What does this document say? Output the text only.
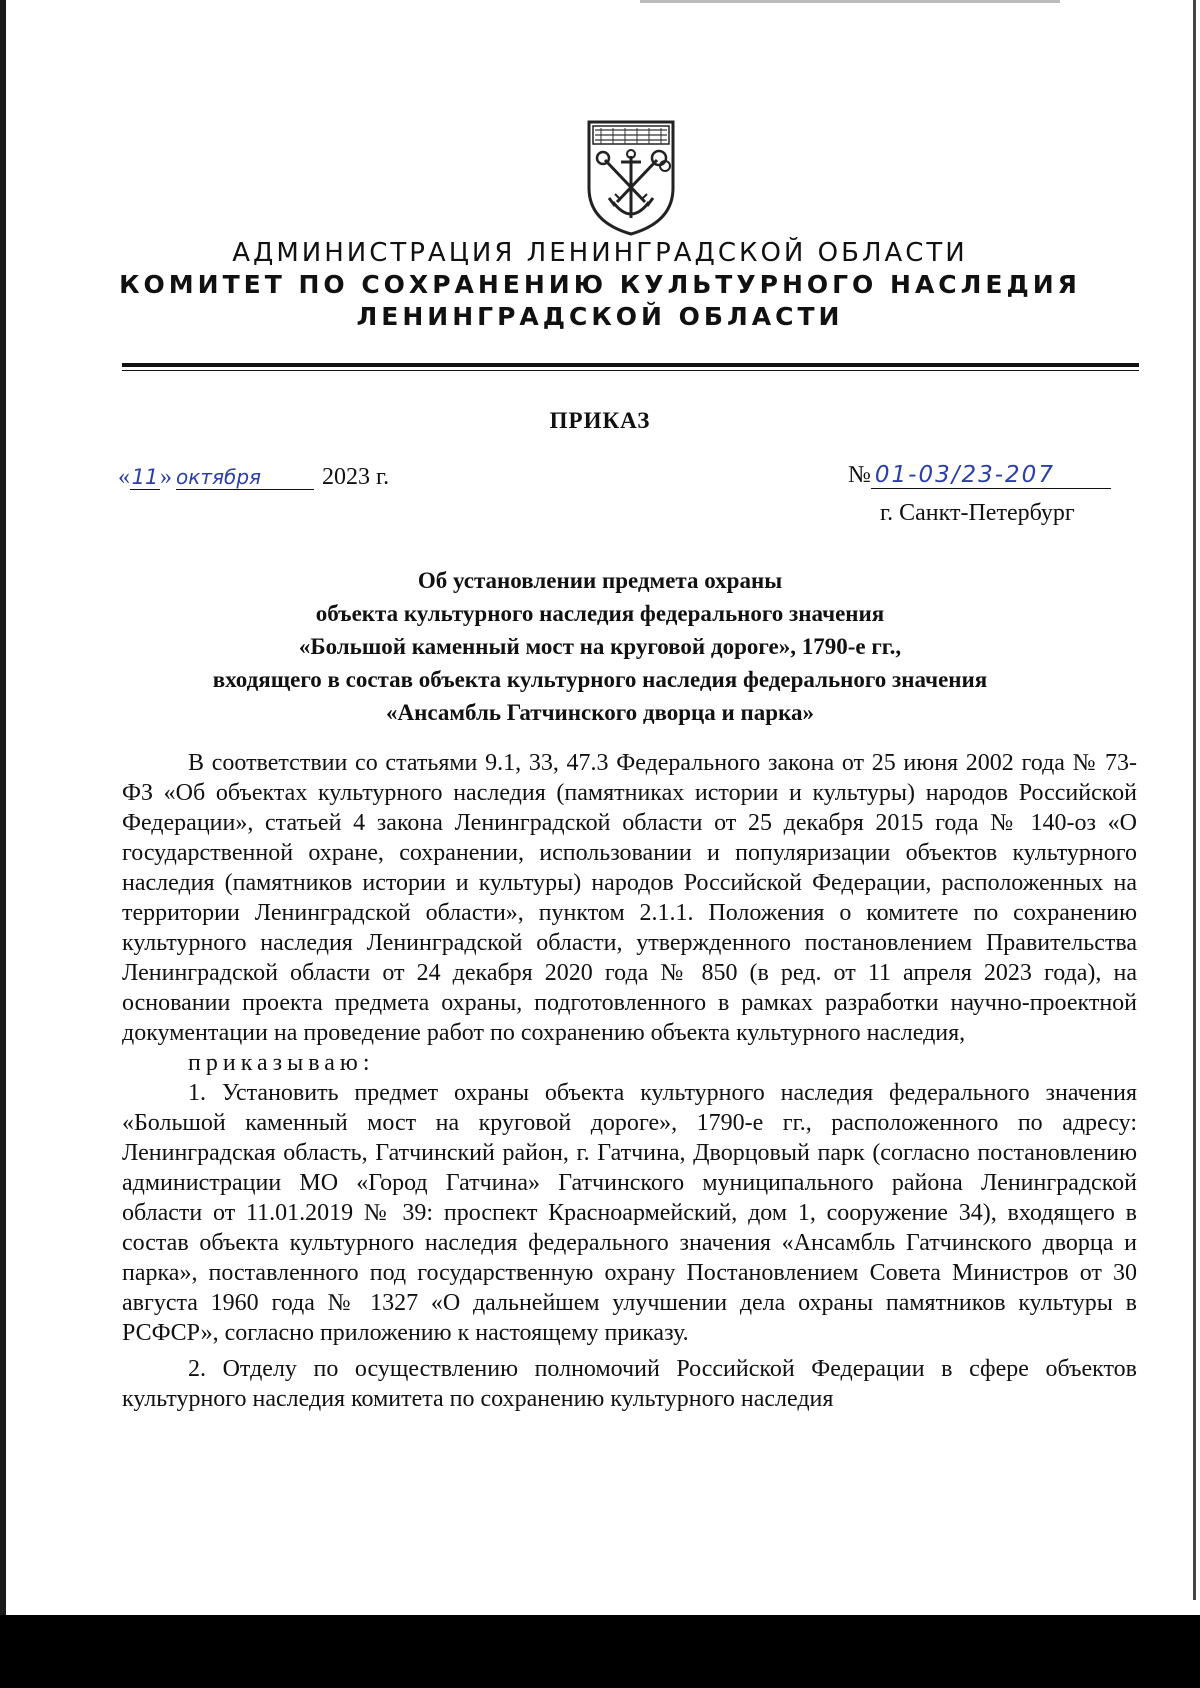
АДМИНИСТРАЦИЯ ЛЕНИНГРАДСКОЙ ОБЛАСТИ
КОМИТЕТ ПО СОХРАНЕНИЮ КУЛЬТУРНОГО НАСЛЕДИЯ
ЛЕНИНГРАДСКОЙ ОБЛАСТИ
ПРИКАЗ
«11» октября	2023 г.	№ 01-03/23-207
г. Санкт-Петербург
Об установлении предмета охраны
объекта культурного наследия федерального значения
«Большой каменный мост на круговой дороге», 1790-е гг.,
входящего в состав объекта культурного наследия федерального значения
«Ансамбль Гатчинского дворца и парка»

В соответствии со статьями 9.1, 33, 47.3 Федерального закона от 25 июня 2002 года № 73-ФЗ «Об объектах культурного наследия (памятниках истории и культуры) народов Российской Федерации», статьей 4 закона Ленинградской области от 25 декабря 2015 года № 140-оз «О государственной охране, сохранении, использовании и популяризации объектов культурного наследия (памятников истории и культуры) народов Российской Федерации, расположенных на территории Ленинградской области», пунктом 2.1.1. Положения о комитете по сохранению культурного наследия Ленинградской области, утвержденного постановлением Правительства Ленинградской области от 24 декабря 2020 года № 850 (в ред. от 11 апреля 2023 года), на основании проекта предмета охраны, подготовленного в рамках разработки научно-проектной документации на проведение работ по сохранению объекта культурного наследия,

приказываю:

1. Установить предмет охраны объекта культурного наследия федерального значения «Большой каменный мост на круговой дороге», 1790-е гг., расположенного по адресу: Ленинградская область, Гатчинский район, г. Гатчина, Дворцовый парк (согласно постановлению администрации МО «Город Гатчина» Гатчинского муниципального района Ленинградской области от 11.01.2019 № 39: проспект Красноармейский, дом 1, сооружение 34), входящего в состав объекта культурного наследия федерального значения «Ансамбль Гатчинского дворца и парка», поставленного под государственную охрану Постановлением Совета Министров от 30 августа 1960 года № 1327 «О дальнейшем улучшении дела охраны памятников культуры в РСФСР», согласно приложению к настоящему приказу.

2. Отделу по осуществлению полномочий Российской Федерации в сфере объектов культурного наследия комитета по сохранению культурного наследия
